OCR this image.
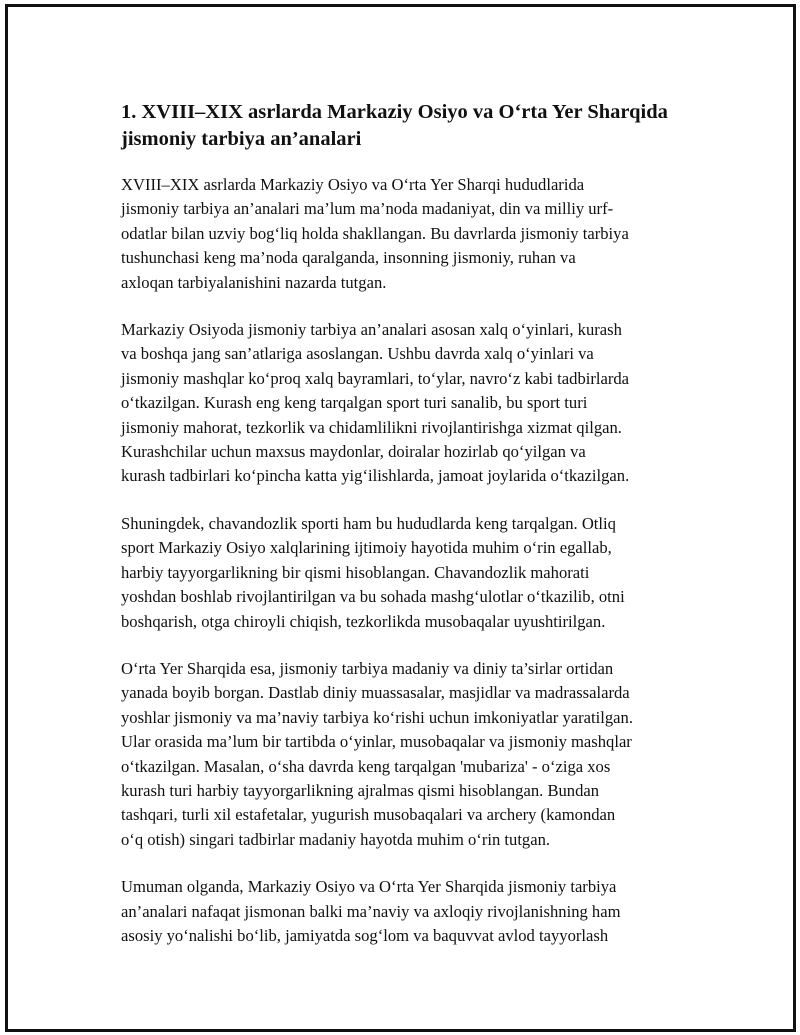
1. XVIII–XIX asrlarda Markaziy Osiyo va O‘rta Yer Sharqida
jismoniy tarbiya an’analari

XVIII–XIX asrlarda Markaziy Osiyo va O‘rta Yer Sharqi hududlarida
jismoniy tarbiya an’analari ma’lum ma’noda madaniyat, din va milliy urf-
odatlar bilan uzviy bog‘liq holda shakllangan. Bu davrlarda jismoniy tarbiya
tushunchasi keng ma’noda qaralganda, insonning jismoniy, ruhan va
axloqan tarbiyalanishini nazarda tutgan.

Markaziy Osiyoda jismoniy tarbiya an’analari asosan xalq o‘yinlari, kurash
va boshqa jang san’atlariga asoslangan. Ushbu davrda xalq o‘yinlari va
jismoniy mashqlar ko‘proq xalq bayramlari, to‘ylar, navro‘z kabi tadbirlarda
o‘tkazilgan. Kurash eng keng tarqalgan sport turi sanalib, bu sport turi
jismoniy mahorat, tezkorlik va chidamlilikni rivojlantirishga xizmat qilgan.
Kurashchilar uchun maxsus maydonlar, doiralar hozirlab qo‘yilgan va
kurash tadbirlari ko‘pincha katta yig‘ilishlarda, jamoat joylarida o‘tkazilgan.

Shuningdek, chavandozlik sporti ham bu hududlarda keng tarqalgan. Otliq
sport Markaziy Osiyo xalqlarining ijtimoiy hayotida muhim o‘rin egallab,
harbiy tayyorgarlikning bir qismi hisoblangan. Chavandozlik mahorati
yoshdan boshlab rivojlantirilgan va bu sohada mashg‘ulotlar o‘tkazilib, otni
boshqarish, otga chiroyli chiqish, tezkorlikda musobaqalar uyushtirilgan.

O‘rta Yer Sharqida esa, jismoniy tarbiya madaniy va diniy ta’sirlar ortidan
yanada boyib borgan. Dastlab diniy muassasalar, masjidlar va madrassalarda
yoshlar jismoniy va ma’naviy tarbiya ko‘rishi uchun imkoniyatlar yaratilgan.
Ular orasida ma’lum bir tartibda o‘yinlar, musobaqalar va jismoniy mashqlar
o‘tkazilgan. Masalan, o‘sha davrda keng tarqalgan 'mubariza' - o‘ziga xos
kurash turi harbiy tayyorgarlikning ajralmas qismi hisoblangan. Bundan
tashqari, turli xil estafetalar, yugurish musobaqalari va archery (kamondan
o‘q otish) singari tadbirlar madaniy hayotda muhim o‘rin tutgan.

Umuman olganda, Markaziy Osiyo va O‘rta Yer Sharqida jismoniy tarbiya
an’analari nafaqat jismonan balki ma’naviy va axloqiy rivojlanishning ham
asosiy yo‘nalishi bo‘lib, jamiyatda sog‘lom va baquvvat avlod tayyorlash
